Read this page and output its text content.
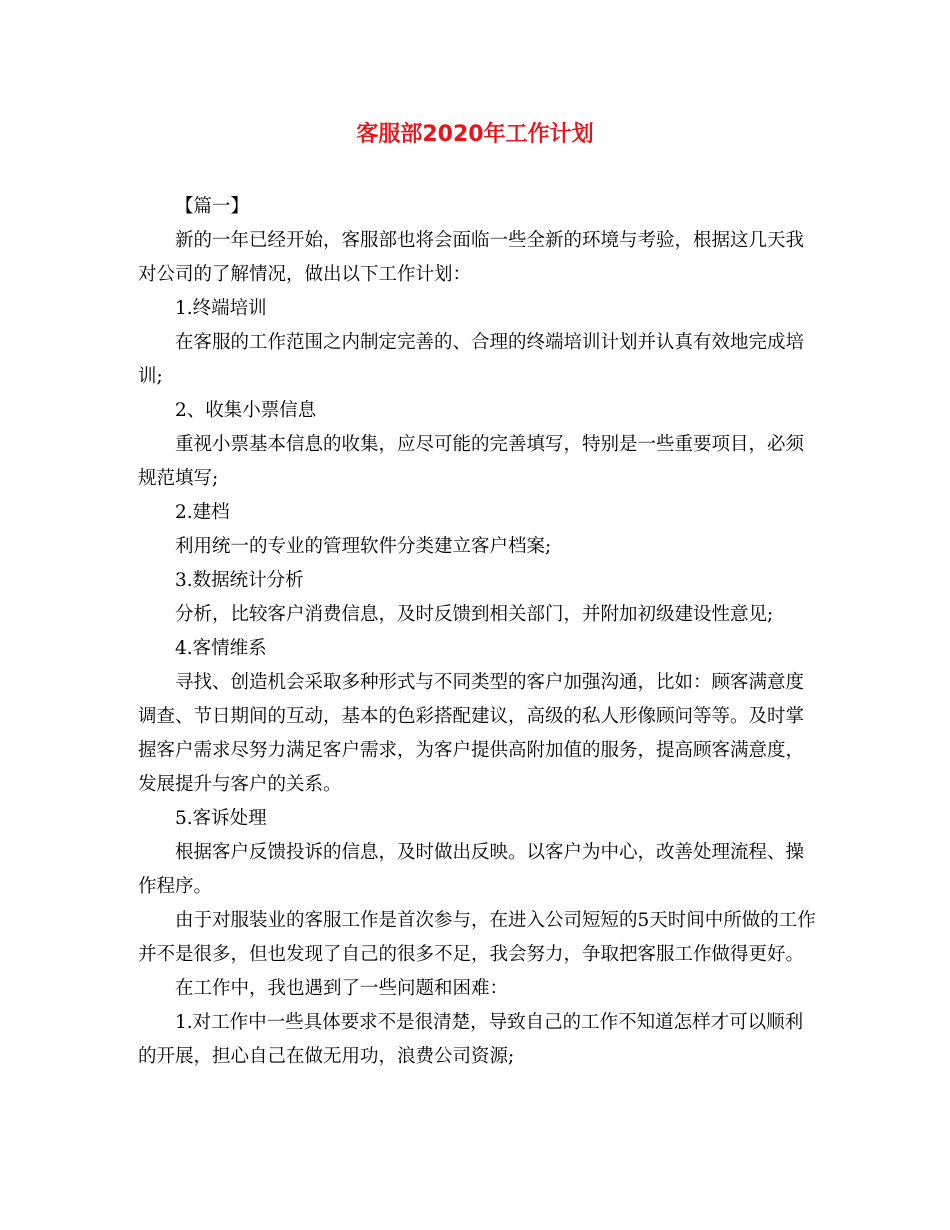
客服部2020年工作计划

【篇一】

新的一年已经开始，客服部也将会面临一些全新的环境与考验，根据这几天我对公司的了解情况，做出以下工作计划：

1.终端培训

在客服的工作范围之内制定完善的、合理的终端培训计划并认真有效地完成培训;

2、收集小票信息

重视小票基本信息的收集，应尽可能的完善填写，特别是一些重要项目，必须规范填写;

2.建档

利用统一的专业的管理软件分类建立客户档案;

3.数据统计分析

分析，比较客户消费信息，及时反馈到相关部门，并附加初级建设性意见;

4.客情维系

寻找、创造机会采取多种形式与不同类型的客户加强沟通，比如：顾客满意度调查、节日期间的互动，基本的色彩搭配建议，高级的私人形像顾问等等。及时掌握客户需求尽努力满足客户需求，为客户提供高附加值的服务，提高顾客满意度，发展提升与客户的关系。

5.客诉处理

根据客户反馈投诉的信息，及时做出反映。以客户为中心，改善处理流程、操作程序。

由于对服装业的客服工作是首次参与，在进入公司短短的5天时间中所做的工作并不是很多，但也发现了自己的很多不足，我会努力，争取把客服工作做得更好。

在工作中，我也遇到了一些问题和困难：

1.对工作中一些具体要求不是很清楚，导致自己的工作不知道怎样才可以顺利的开展，担心自己在做无用功，浪费公司资源;
